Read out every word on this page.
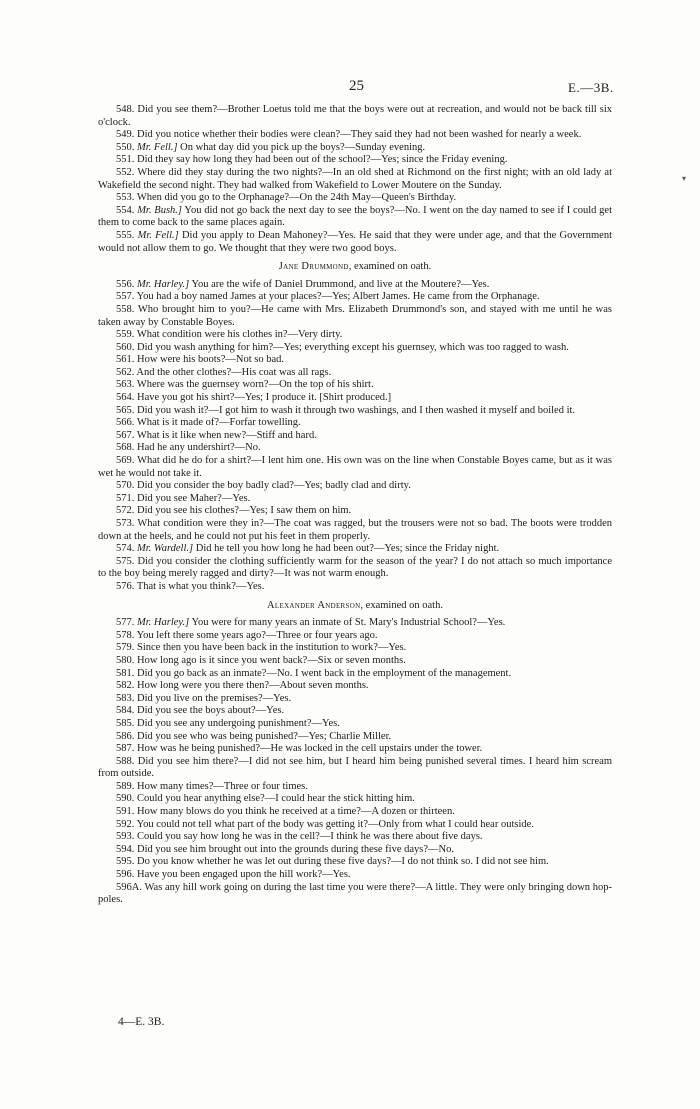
25	E.—3B.
▾

548. Did you see them?—Brother Loetus told me that the boys were out at recreation, and would not be back till six o'clock.

549. Did you notice whether their bodies were clean?—They said they had not been washed for nearly a week.

550. Mr. Fell.] On what day did you pick up the boys?—Sunday evening.

551. Did they say how long they had been out of the school?—Yes; since the Friday evening.

552. Where did they stay during the two nights?—In an old shed at Richmond on the first night; with an old lady at Wakefield the second night. They had walked from Wakefield to Lower Moutere on the Sunday.

553. When did you go to the Orphanage?—On the 24th May—Queen's Birthday.

554. Mr. Bush.] You did not go back the next day to see the boys?—No. I went on the day named to see if I could get them to come back to the same places again.

555. Mr. Fell.] Did you apply to Dean Mahoney?—Yes. He said that they were under age, and that the Government would not allow them to go. We thought that they were two good boys.

Jane Drummond, examined on oath.

556. Mr. Harley.] You are the wife of Daniel Drummond, and live at the Moutere?—Yes.

557. You had a boy named James at your places?—Yes; Albert James. He came from the Orphanage.

558. Who brought him to you?—He came with Mrs. Elizabeth Drummond's son, and stayed with me until he was taken away by Constable Boyes.

559. What condition were his clothes in?—Very dirty.

560. Did you wash anything for him?—Yes; everything except his guernsey, which was too ragged to wash.

561. How were his boots?—Not so bad.

562. And the other clothes?—His coat was all rags.

563. Where was the guernsey worn?—On the top of his shirt.

564. Have you got his shirt?—Yes; I produce it. [Shirt produced.]

565. Did you wash it?—I got him to wash it through two washings, and I then washed it myself and boiled it.

566. What is it made of?—Forfar towelling.

567. What is it like when new?—Stiff and hard.

568. Had he any undershirt?—No.

569. What did he do for a shirt?—I lent him one. His own was on the line when Constable Boyes came, but as it was wet he would not take it.

570. Did you consider the boy badly clad?—Yes; badly clad and dirty.

571. Did you see Maher?—Yes.

572. Did you see his clothes?—Yes; I saw them on him.

573. What condition were they in?—The coat was ragged, but the trousers were not so bad. The boots were trodden down at the heels, and he could not put his feet in them properly.

574. Mr. Wardell.] Did he tell you how long he had been out?—Yes; since the Friday night.

575. Did you consider the clothing sufficiently warm for the season of the year? I do not attach so much importance to the boy being merely ragged and dirty?—It was not warm enough.

576. That is what you think?—Yes.

Alexander Anderson, examined on oath.

577. Mr. Harley.] You were for many years an inmate of St. Mary's Industrial School?—Yes.

578. You left there some years ago?—Three or four years ago.

579. Since then you have been back in the institution to work?—Yes.

580. How long ago is it since you went back?—Six or seven months.

581. Did you go back as an inmate?—No. I went back in the employment of the management.

582. How long were you there then?—About seven months.

583. Did you live on the premises?—Yes.

584. Did you see the boys about?—Yes.

585. Did you see any undergoing punishment?—Yes.

586. Did you see who was being punished?—Yes; Charlie Miller.

587. How was he being punished?—He was locked in the cell upstairs under the tower.

588. Did you see him there?—I did not see him, but I heard him being punished several times. I heard him scream from outside.

589. How many times?—Three or four times.

590. Could you hear anything else?—I could hear the stick hitting him.

591. How many blows do you think he received at a time?—A dozen or thirteen.

592. You could not tell what part of the body was getting it?—Only from what I could hear outside.

593. Could you say how long he was in the cell?—I think he was there about five days.

594. Did you see him brought out into the grounds during these five days?—No.

595. Do you know whether he was let out during these five days?—I do not think so. I did not see him.

596. Have you been engaged upon the hill work?—Yes.

596A. Was any hill work going on during the last time you were there?—A little. They were only bringing down hop-poles.

4—E. 3B.
